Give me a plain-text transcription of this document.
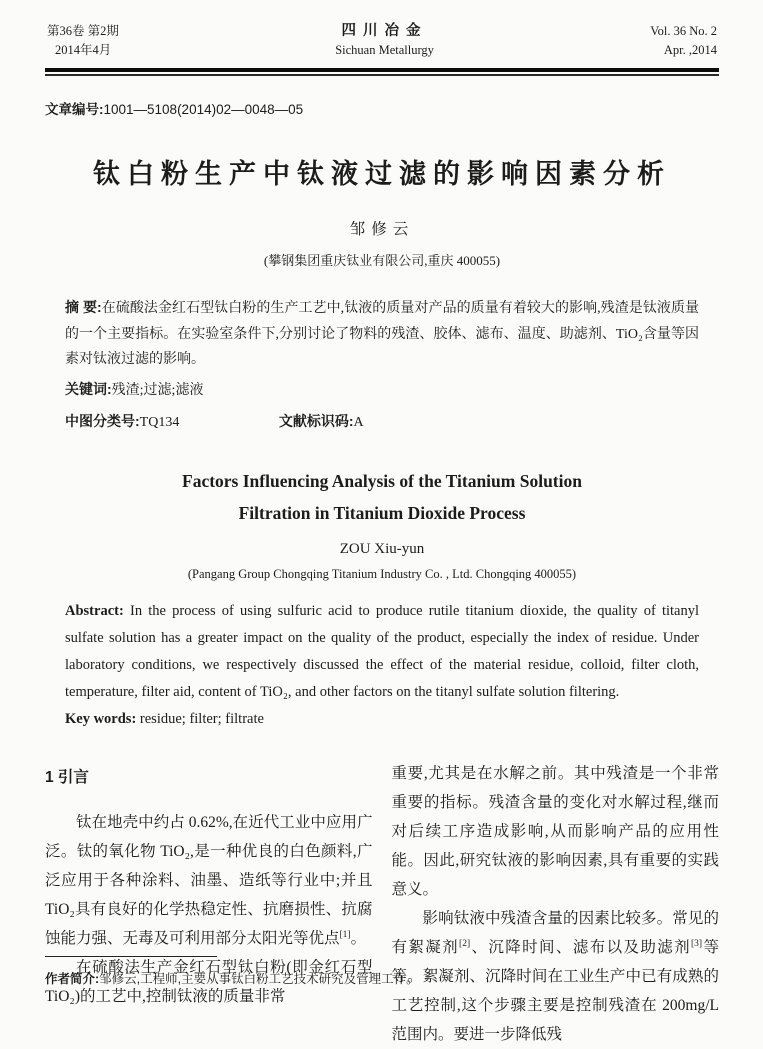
第36卷 第2期
2014年4月
四川冶金
Sichuan Metallurgy
Vol. 36 No. 2
Apr. ,2014
文章编号:1001—5108(2014)02—0048—05
钛白粉生产中钛液过滤的影响因素分析
邹修云
(攀钢集团重庆钛业有限公司,重庆 400055)
摘 要:在硫酸法金红石型钛白粉的生产工艺中,钛液的质量对产品的质量有着较大的影响,残渣是钛液质量的一个主要指标。在实验室条件下,分别讨论了物料的残渣、胶体、滤布、温度、助滤剂、TiO₂含量等因素对钛液过滤的影响。
关键词:残渣;过滤;滤液
中图分类号:TQ134	文献标识码:A
Factors Influencing Analysis of the Titanium Solution
Filtration in Titanium Dioxide Process
ZOU Xiu-yun
(Pangang Group Chongqing Titanium Industry Co. , Ltd. Chongqing 400055)
Abstract: In the process of using sulfuric acid to produce rutile titanium dioxide, the quality of titanyl sulfate solution has a greater impact on the quality of the product, especially the index of residue. Under laboratory conditions, we respectively discussed the effect of the material residue, colloid, filter cloth, temperature, filter aid, content of TiO₂, and other factors on the titanyl sulfate solution filtering.
Key words: residue; filter; filtrate
1 引言

钛在地壳中约占 0.62%,在近代工业中应用广泛。钛的氧化物 TiO₂,是一种优良的白色颜料,广泛应用于各种涂料、油墨、造纸等行业中;并且 TiO₂具有良好的化学热稳定性、抗磨损性、抗腐蚀能力强、无毒及可利用部分太阳光等优点[1]。

在硫酸法生产金红石型钛白粉(即金红石型 TiO₂)的工艺中,控制钛液的质量非常

重要,尤其是在水解之前。其中残渣是一个非常重要的指标。残渣含量的变化对水解过程,继而对后续工序造成影响,从而影响产品的应用性能。因此,研究钛液的影响因素,具有重要的实践意义。

影响钛液中残渣含量的因素比较多。常见的有絮凝剂[2]、沉降时间、滤布以及助滤剂[3]等等。絮凝剂、沉降时间在工业生产中已有成熟的工艺控制,这个步骤主要是控制残渣在 200mg/L 范围内。要进一步降低残

作者简介:邹修云,工程师,主要从事钛白粉工艺技术研究及管理工作。
